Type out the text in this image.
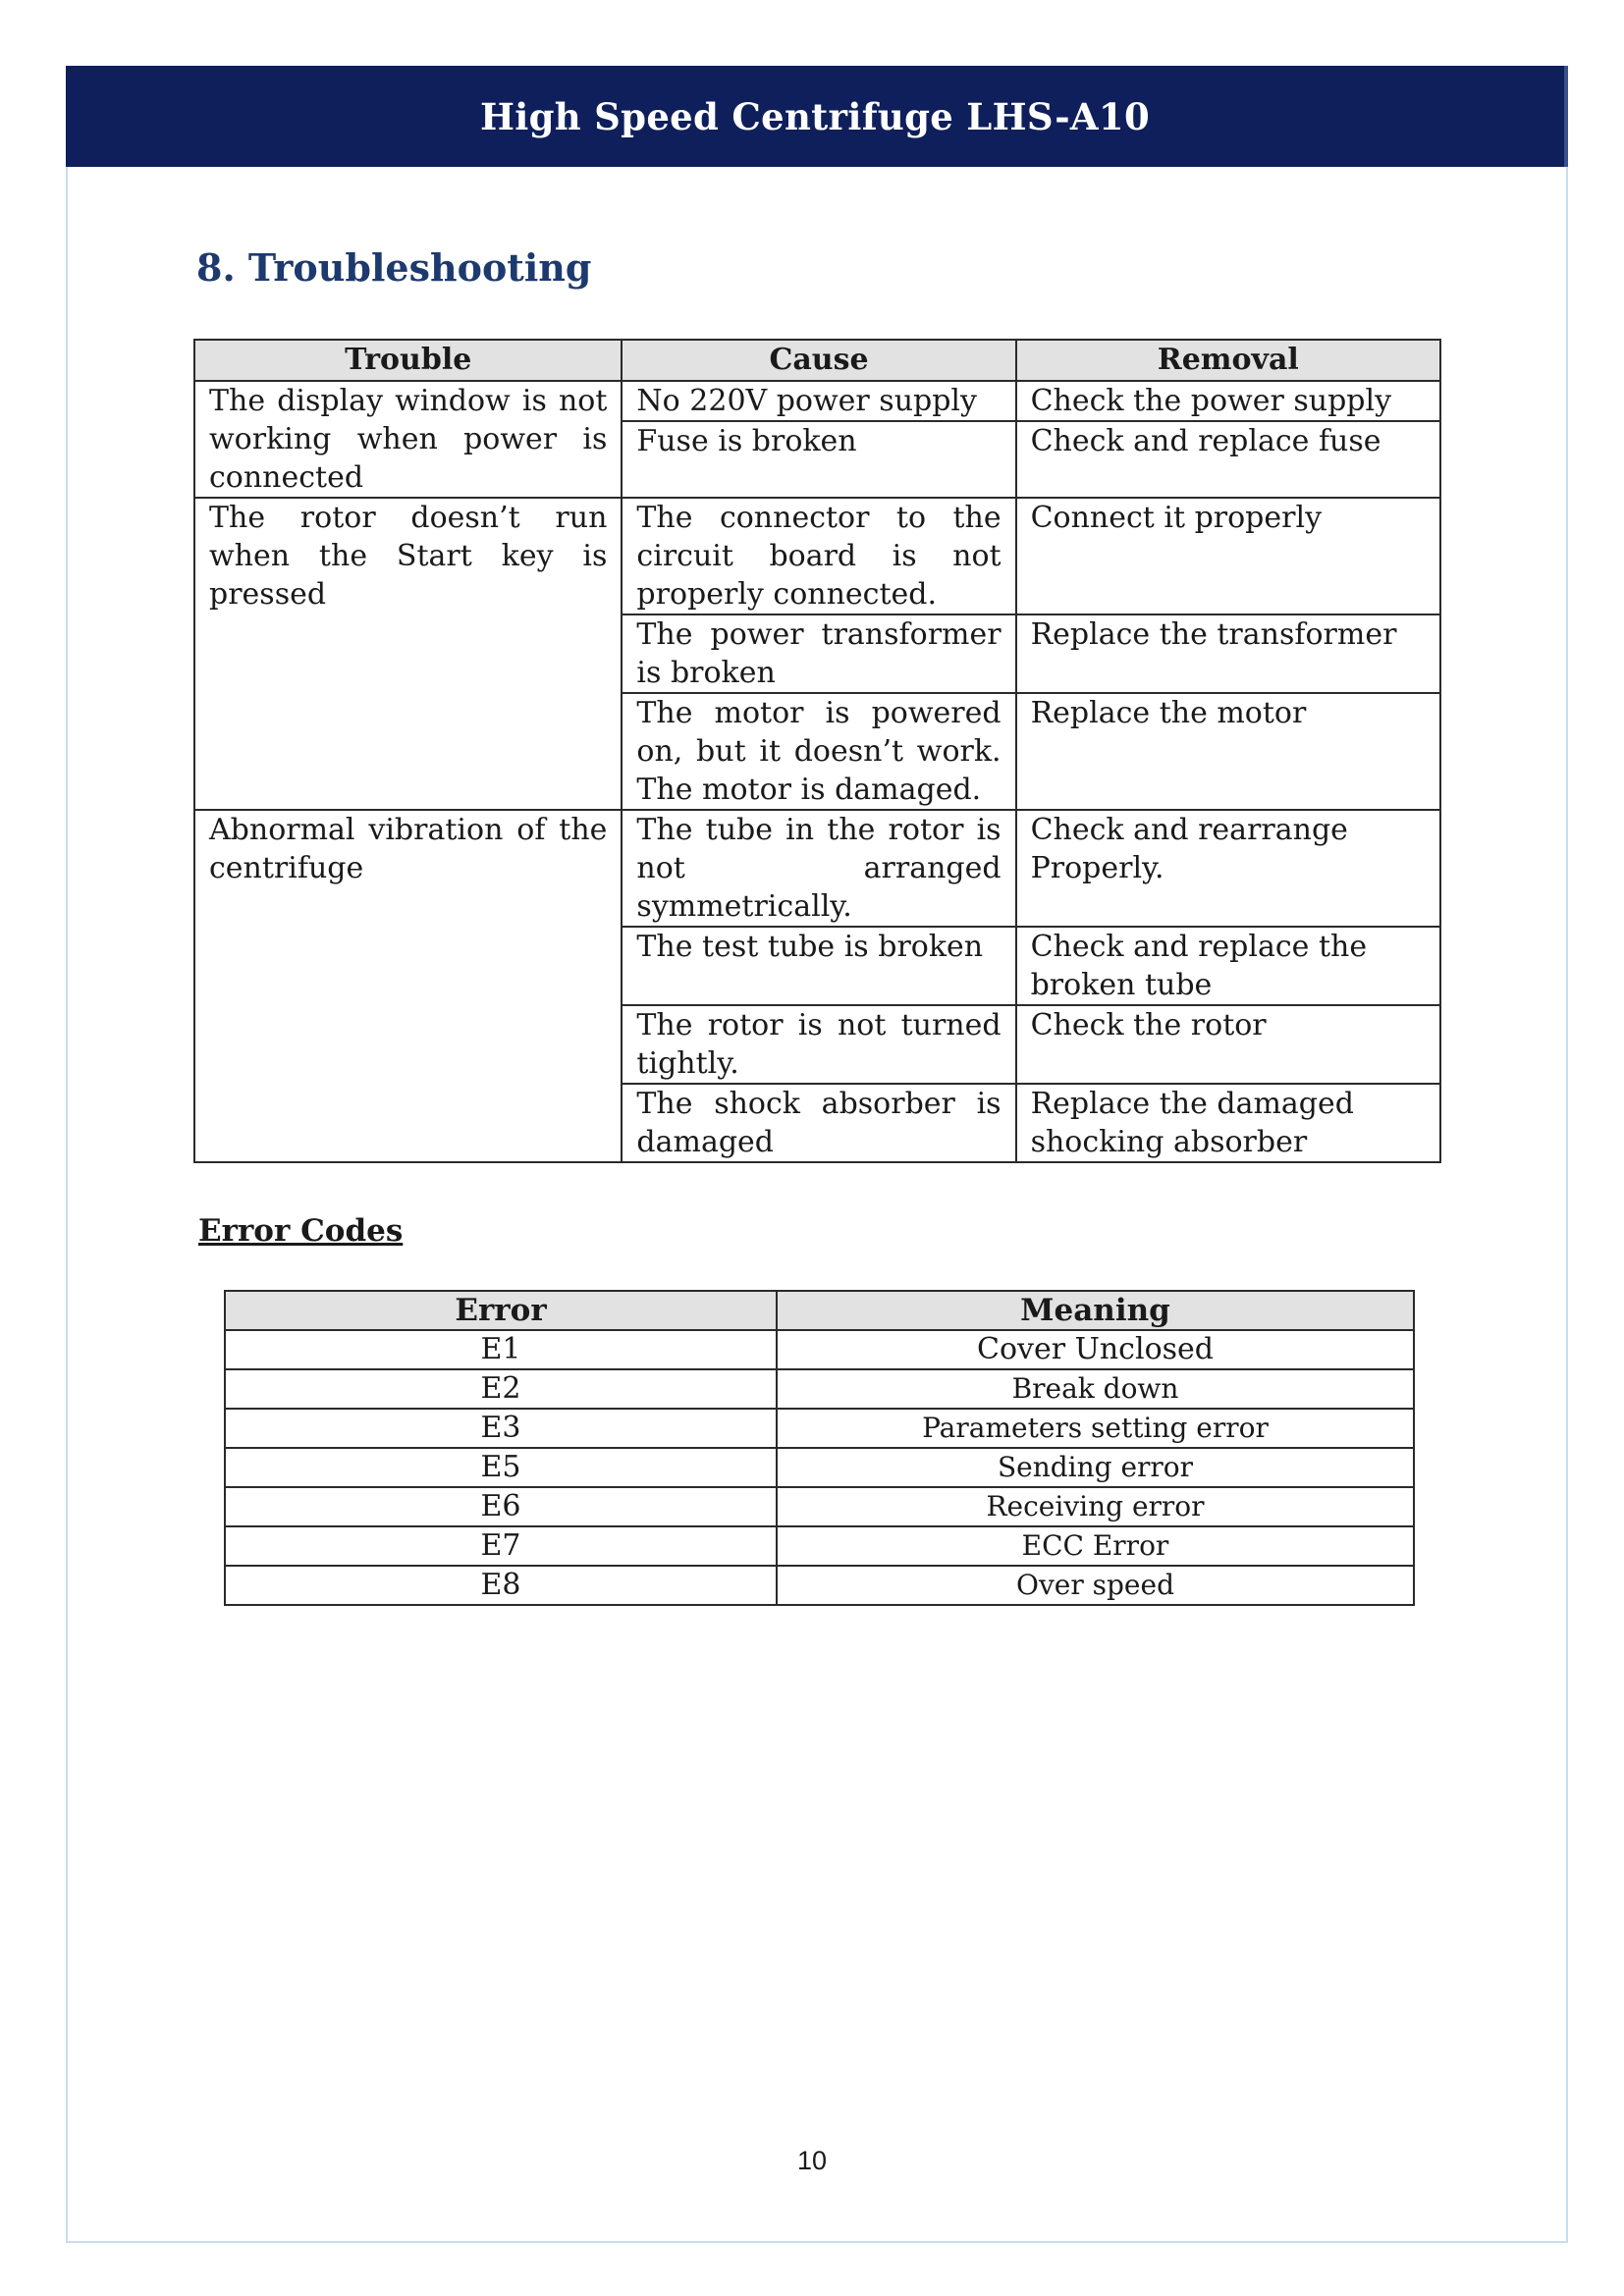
High Speed Centrifuge LHS-A10
8. Troubleshooting
Trouble	Cause	Removal
The display window is not working when power is connected	No 220V power supply	Check the power supply
	Fuse is broken	Check and replace fuse
The rotor doesn’t run when the Start key is pressed	The connector to the circuit board is not properly connected.	Connect it properly
	The power transformer is broken	Replace the transformer
	The motor is powered on, but it doesn’t work. The motor is damaged.	Replace the motor
Abnormal vibration of the centrifuge	The tube in the rotor is not arranged symmetrically.	Check and rearrange Properly.
	The test tube is broken	Check and replace the broken tube
	The rotor is not turned tightly.	Check the rotor
	The shock absorber is damaged	Replace the damaged shocking absorber
Error Codes
Error	Meaning
E1	Cover Unclosed
E2	Break down
E3	Parameters setting error
E5	Sending error
E6	Receiving error
E7	ECC Error
E8	Over speed
10
